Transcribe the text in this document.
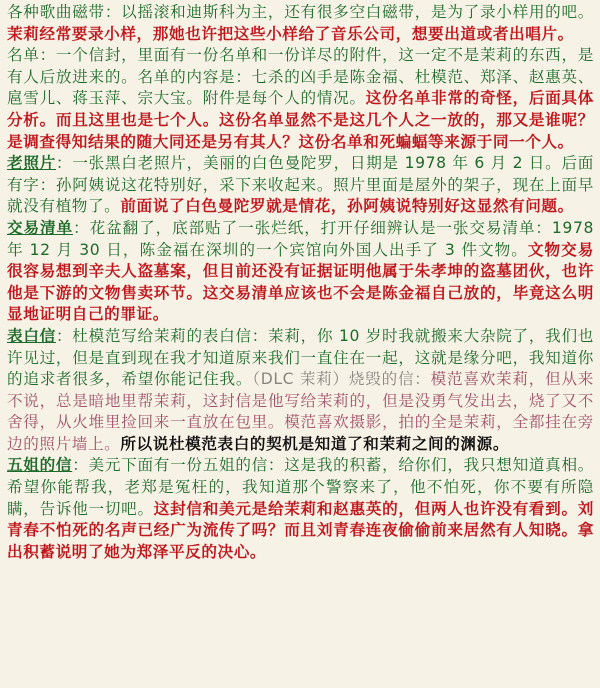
各种歌曲磁带：以摇滚和迪斯科为主，还有很多空白磁带，是为了录小样用的吧。茉莉经常要录小样，那她也许把这些小样给了音乐公司，想要出道或者出唱片。

名单：一个信封，里面有一份名单和一份详尽的附件，这一定不是茉莉的东西，是有人后放进来的。名单的内容是：七杀的凶手是陈金福、杜模范、郑泽、赵惠英、扈雪儿、蒋玉萍、宗大宝。附件是每个人的情况。这份名单非常的奇怪，后面具体分析。而且这里也是七个人。这份名单显然不是这几个人之一放的，那又是谁呢？是调查得知结果的随大同还是另有其人？这份名单和死蝙蝠等来源于同一个人。

老照片：一张黑白老照片，美丽的白色曼陀罗，日期是 1978 年 6 月 2 日。后面有字：孙阿姨说这花特别好，采下来收起来。照片里面是屋外的架子，现在上面早就没有植物了。前面说了白色曼陀罗就是情花，孙阿姨说特别好这显然有问题。

交易清单：花盆翻了，底部贴了一张烂纸，打开仔细辨认是一张交易清单：1978 年 12 月 30 日，陈金福在深圳的一个宾馆向外国人出手了 3 件文物。文物交易很容易想到辛夫人盗墓案，但目前还没有证据证明他属于朱孝坤的盗墓团伙，也许他是下游的文物售卖环节。这交易清单应该也不会是陈金福自己放的，毕竟这么明显地证明自己的罪证。

表白信：杜模范写给茉莉的表白信：茉莉，你 10 岁时我就搬来大杂院了，我们也许见过，但是直到现在我才知道原来我们一直住在一起，这就是缘分吧，我知道你的追求者很多，希望你能记住我。（DLC 茉莉）烧毁的信：模范喜欢茉莉，但从来不说，总是暗地里帮茉莉，这封信是他写给茉莉的，但是没勇气发出去，烧了又不舍得，从火堆里捡回来一直放在包里。模范喜欢摄影，拍的全是茉莉，全都挂在旁边的照片墙上。所以说杜模范表白的契机是知道了和茉莉之间的渊源。

五姐的信：美元下面有一份五姐的信：这是我的积蓄，给你们，我只想知道真相。希望你能帮我，老郑是冤枉的，我知道那个警察来了，他不怕死，你不要有所隐瞒，告诉他一切吧。这封信和美元是给茉莉和赵惠英的，但两人也许没有看到。刘青春不怕死的名声已经广为流传了吗？而且刘青春连夜偷偷前来居然有人知晓。拿出积蓄说明了她为郑泽平反的决心。
